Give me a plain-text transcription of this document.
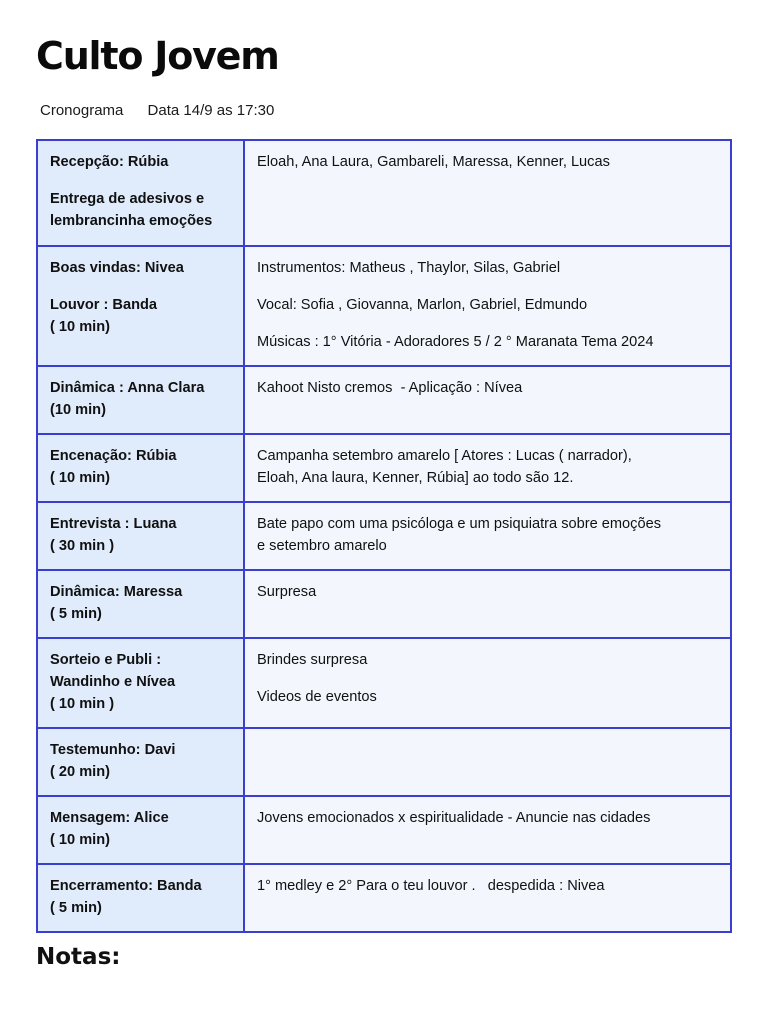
Culto Jovem
Cronograma Data 14/9 as 17:30
Recepção: Rúbia
Entrega de adesivos e
lembrancinha emoções	Eloah, Ana Laura, Gambareli, Maressa, Kenner, Lucas

Boas vindas: Nivea
Louvor : Banda
( 10 min)	Instrumentos: Matheus , Thaylor, Silas, Gabriel
Vocal: Sofia , Giovanna, Marlon, Gabriel, Edmundo
Músicas : 1° Vitória - Adoradores 5 / 2 ° Maranata Tema 2024

Dinâmica : Anna Clara
(10 min)	Kahoot Nisto cremos  - Aplicação : Nívea

Encenação: Rúbia
( 10 min)	Campanha setembro amarelo [ Atores : Lucas ( narrador),
Eloah, Ana laura, Kenner, Rúbia] ao todo são 12.

Entrevista : Luana
( 30 min )	Bate papo com uma psicóloga e um psiquiatra sobre emoções
e setembro amarelo

Dinâmica: Maressa
( 5 min)	Surpresa

Sorteio e Publi :
Wandinho e Nívea
( 10 min )	Brindes surpresa
Videos de eventos

Testemunho: Davi
( 20 min)	

Mensagem: Alice
( 10 min)	Jovens emocionados x espiritualidade - Anuncie nas cidades

Encerramento: Banda
( 5 min)	1° medley e 2° Para o teu louvor .   despedida : Nivea
Notas:
